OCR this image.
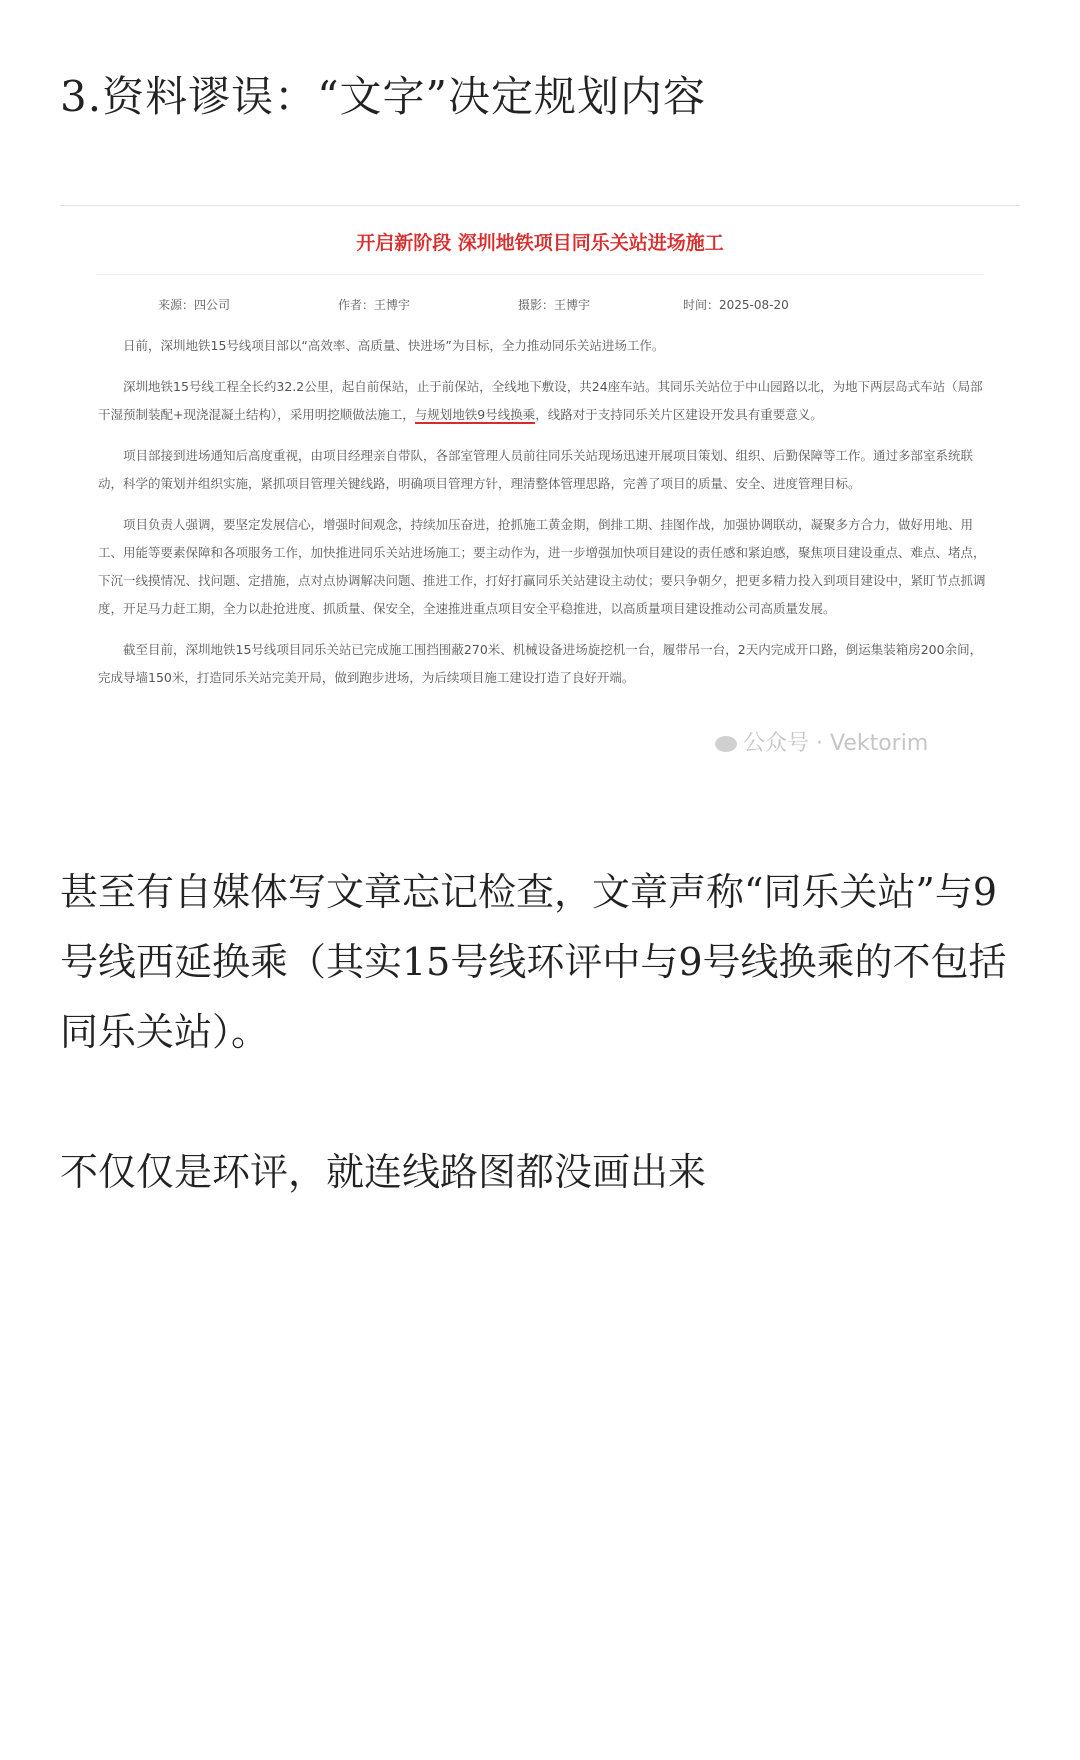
3.资料谬误：“文字”决定规划内容
开启新阶段 深圳地铁项目同乐关站进场施工
来源：四公司	作者：王博宇	摄影：王博宇	时间：2025-08-20

日前，深圳地铁15号线项目部以“高效率、高质量、快进场”为目标，全力推动同乐关站进场工作。

深圳地铁15号线工程全长约32.2公里，起自前保站，止于前保站，全线地下敷设，共24座车站。其同乐关站位于中山园路以北，为地下两层岛式车站（局部干湿预制装配+现浇混凝土结构），采用明挖顺做法施工，与规划地铁9号线换乘，线路对于支持同乐关片区建设开发具有重要意义。

项目部接到进场通知后高度重视，由项目经理亲自带队，各部室管理人员前往同乐关站现场迅速开展项目策划、组织、后勤保障等工作。通过多部室系统联动，科学的策划并组织实施，紧抓项目管理关键线路，明确项目管理方针，理清整体管理思路，完善了项目的质量、安全、进度管理目标。

项目负责人强调，要坚定发展信心，增强时间观念，持续加压奋进，抢抓施工黄金期，倒排工期、挂图作战，加强协调联动，凝聚多方合力，做好用地、用工、用能等要素保障和各项服务工作，加快推进同乐关站进场施工；要主动作为，进一步增强加快项目建设的责任感和紧迫感，聚焦项目建设重点、难点、堵点，下沉一线摸情况、找问题、定措施，点对点协调解决问题、推进工作，打好打赢同乐关站建设主动仗；要只争朝夕，把更多精力投入到项目建设中，紧盯节点抓调度，开足马力赶工期，全力以赴抢进度、抓质量、保安全，全速推进重点项目安全平稳推进，以高质量项目建设推动公司高质量发展。

截至目前，深圳地铁15号线项目同乐关站已完成施工围挡围蔽270米、机械设备进场旋挖机一台，履带吊一台，2天内完成开口路，倒运集装箱房200余间，完成导墙150米，打造同乐关站完美开局，做到跑步进场，为后续项目施工建设打造了良好开端。

公众号 · Vektorim

甚至有自媒体写文章忘记检查，文章声称“同乐关站”与9号线西延换乘（其实15号线环评中与9号线换乘的不包括同乐关站）。

不仅仅是环评，就连线路图都没画出来
